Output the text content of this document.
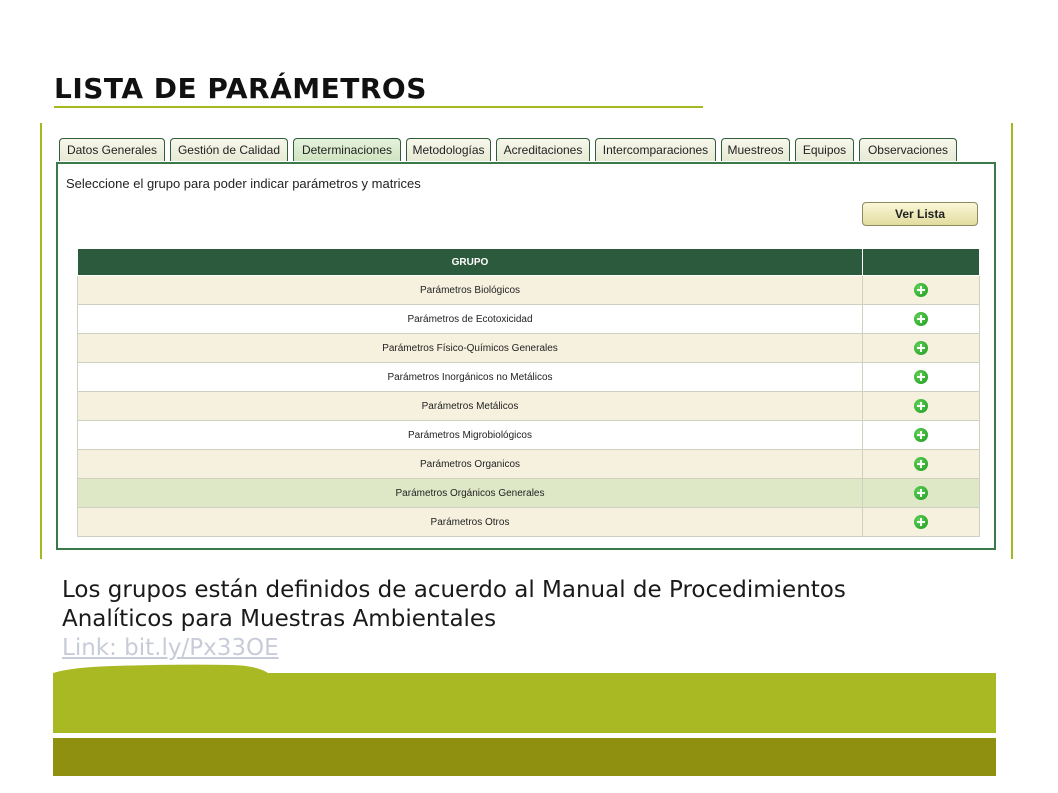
LISTA DE PARÁMETROS
Datos Generales	Gestión de Calidad	Determinaciones	Metodologías	Acreditaciones	Intercomparaciones	Muestreos	Equipos	Observaciones
Seleccione el grupo para poder indicar parámetros y matrices
Ver Lista
GRUPO	
Parámetros Biológicos	
Parámetros de Ecotoxicidad	
Parámetros Físico-Químicos Generales	
Parámetros Inorgánicos no Metálicos	
Parámetros Metálicos	
Parámetros Migrobiológicos	
Parámetros Organicos	
Parámetros Orgánicos Generales	
Parámetros Otros	
Los grupos están definidos de acuerdo al Manual de Procedimientos
Analíticos para Muestras Ambientales
Link: bit.ly/Px33OE
